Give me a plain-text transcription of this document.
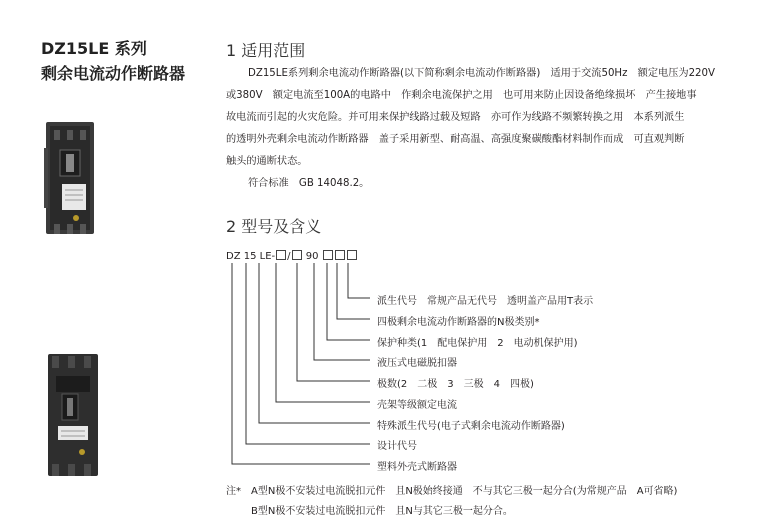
DZ15LE 系列
剩余电流动作断路器
1 适用范围
DZ15LE系列剩余电流动作断路器(以下简称剩余电流动作断路器)　适用于交流50Hz　额定电压为220V
或380V　额定电流至100A的电路中　作剩余电流保护之用　也可用来防止因设备绝缘损坏　产生接地事
故电流而引起的火灾危险。并可用来保护线路过载及短路　亦可作为线路不频繁转换之用　本系列派生
的透明外壳剩余电流动作断路器　盖子采用新型、耐高温、高强度聚碳酸酯材料制作而成　可直观判断
触头的通断状态。
符合标准　GB 14048.2。
2 型号及含义
DZ 15 LE- / 90
派生代号　常规产品无代号　透明盖产品用T表示
四极剩余电流动作断路器的N极类别*
保护种类(1　配电保护用　2　电动机保护用)
液压式电磁脱扣器
极数(2　二极　3　三极　4　四极)
壳架等级额定电流
特殊派生代号(电子式剩余电流动作断路器)
设计代号
塑料外壳式断路器
注* A型N极不安装过电流脱扣元件　且N极始终接通　不与其它三极一起分合(为常规产品　A可省略)
B型N极不安装过电流脱扣元件　且N与其它三极一起分合。
